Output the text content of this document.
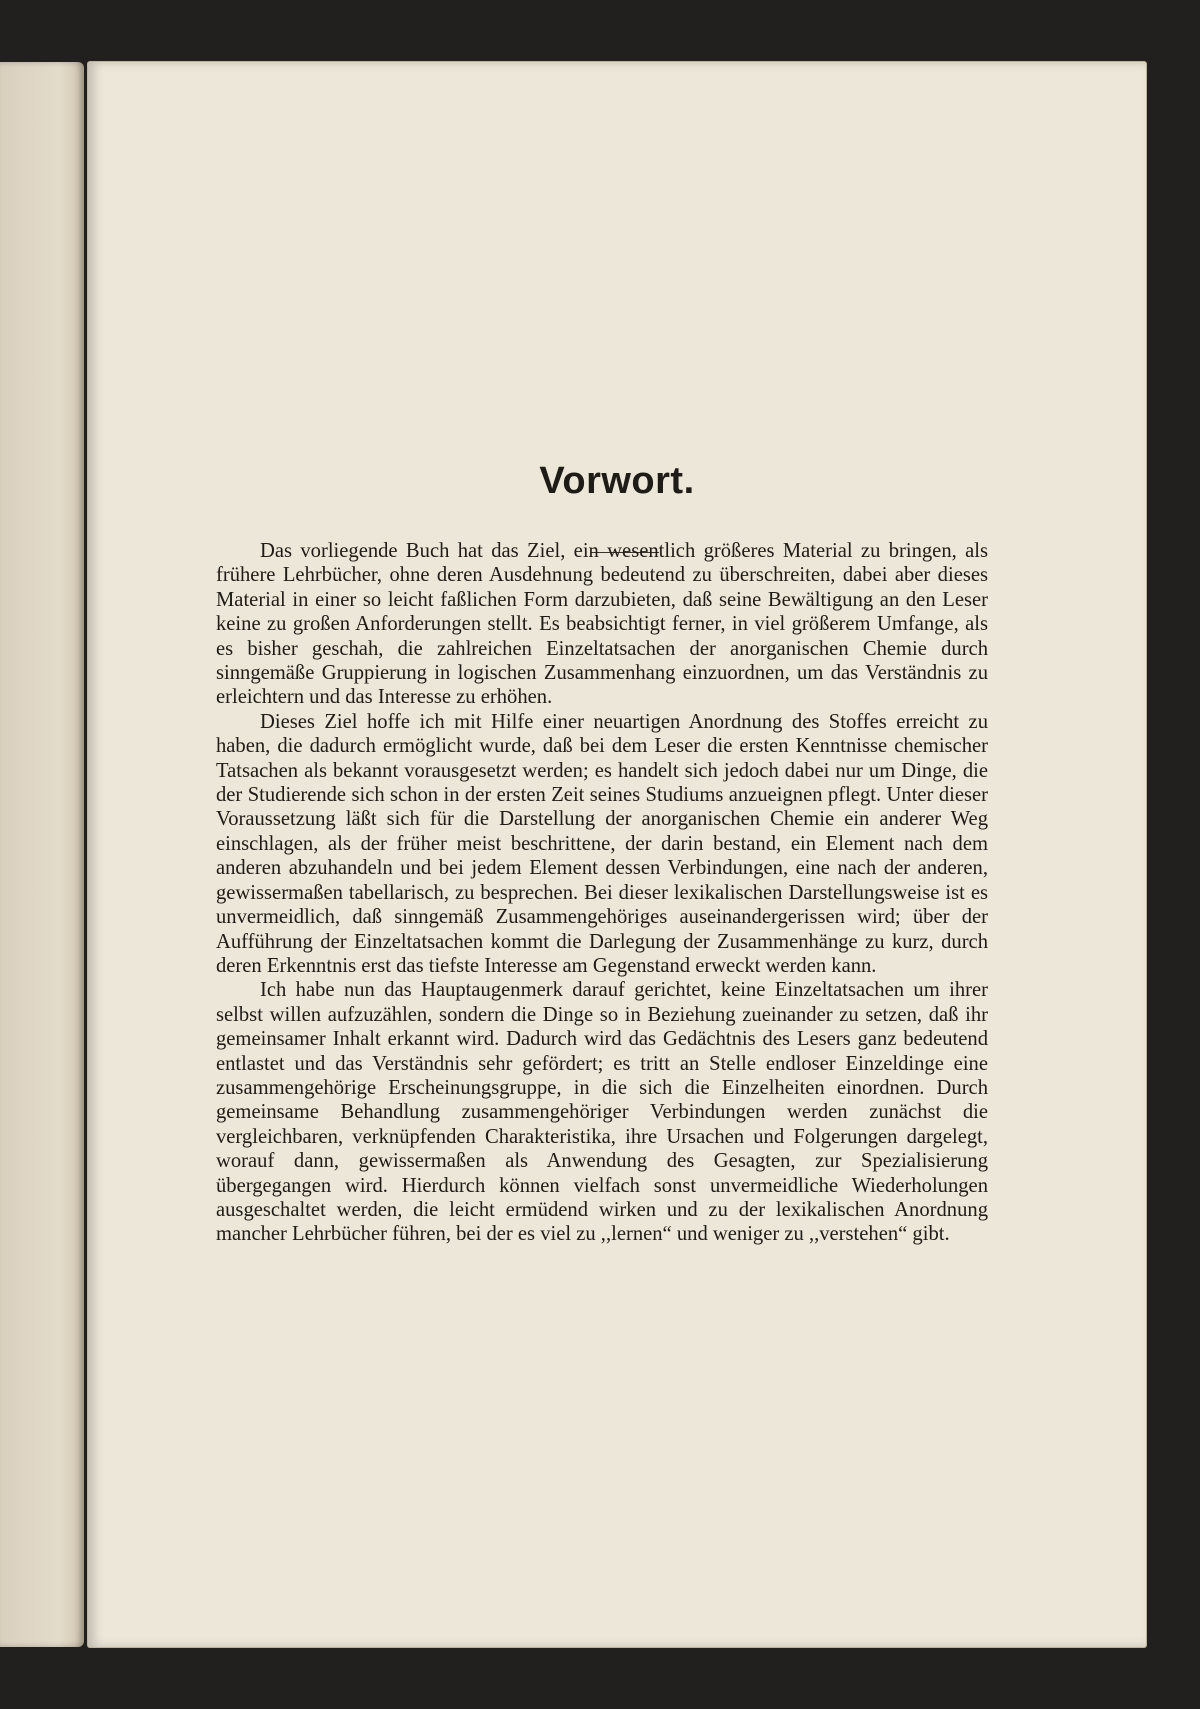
Vorwort.

Das vorliegende Buch hat das Ziel, ein wesentlich größeres Material zu bringen, als frühere Lehrbücher, ohne deren Ausdehnung bedeutend zu überschreiten, dabei aber dieses Material in einer so leicht faßlichen Form darzubieten, daß seine Bewältigung an den Leser keine zu großen Anforderungen stellt. Es beabsichtigt ferner, in viel größerem Umfange, als es bisher geschah, die zahlreichen Einzeltatsachen der anorganischen Chemie durch sinngemäße Gruppierung in logischen Zusammenhang einzuordnen, um das Verständnis zu erleichtern und das Interesse zu erhöhen.

Dieses Ziel hoffe ich mit Hilfe einer neuartigen Anordnung des Stoffes erreicht zu haben, die dadurch ermöglicht wurde, daß bei dem Leser die ersten Kenntnisse chemischer Tatsachen als bekannt vorausgesetzt werden; es handelt sich jedoch dabei nur um Dinge, die der Studierende sich schon in der ersten Zeit seines Studiums anzueignen pflegt. Unter dieser Voraussetzung läßt sich für die Darstellung der anorganischen Chemie ein anderer Weg einschlagen, als der früher meist beschrittene, der darin bestand, ein Element nach dem anderen abzuhandeln und bei jedem Element dessen Verbindungen, eine nach der anderen, gewissermaßen tabellarisch, zu besprechen. Bei dieser lexikalischen Darstellungsweise ist es unvermeidlich, daß sinngemäß Zusammengehöriges auseinandergerissen wird; über der Aufführung der Einzeltatsachen kommt die Darlegung der Zusammenhänge zu kurz, durch deren Erkenntnis erst das tiefste Interesse am Gegenstand erweckt werden kann.

Ich habe nun das Hauptaugenmerk darauf gerichtet, keine Einzeltatsachen um ihrer selbst willen aufzuzählen, sondern die Dinge so in Beziehung zueinander zu setzen, daß ihr gemeinsamer Inhalt erkannt wird. Dadurch wird das Gedächtnis des Lesers ganz bedeutend entlastet und das Verständnis sehr gefördert; es tritt an Stelle endloser Einzeldinge eine zusammengehörige Erscheinungsgruppe, in die sich die Einzelheiten einordnen. Durch gemeinsame Behandlung zusammengehöriger Verbindungen werden zunächst die vergleichbaren, verknüpfenden Charakteristika, ihre Ursachen und Folgerungen dargelegt, worauf dann, gewissermaßen als Anwendung des Gesagten, zur Spezialisierung übergegangen wird. Hierdurch können vielfach sonst unvermeidliche Wiederholungen ausgeschaltet werden, die leicht ermüdend wirken und zu der lexikalischen Anordnung mancher Lehrbücher führen, bei der es viel zu ,,lernen“ und weniger zu ,,verstehen“ gibt.
